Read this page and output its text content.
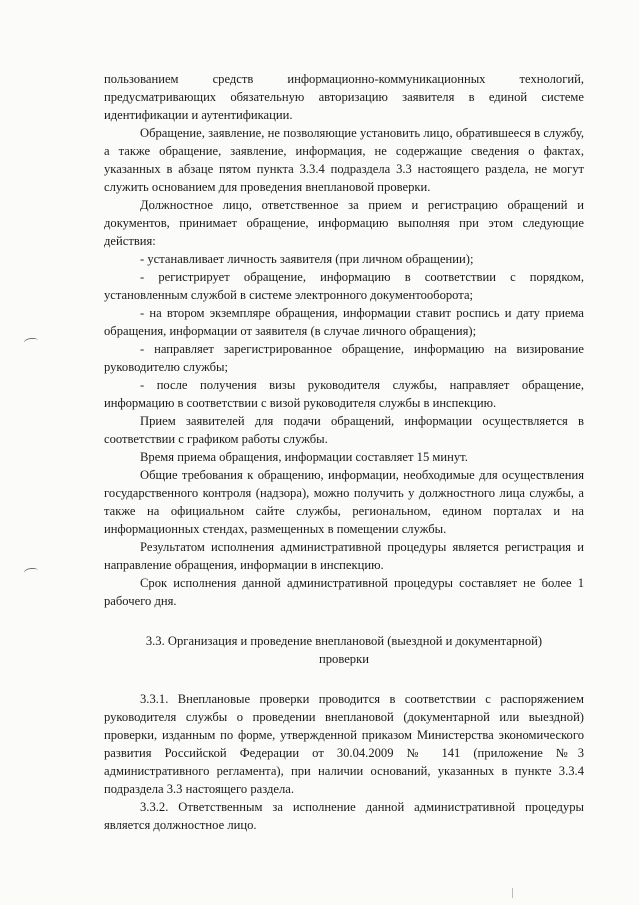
пользованием средств информационно-коммуникационных технологий, предусматривающих обязательную авторизацию заявителя в единой системе идентификации и аутентификации.

Обращение, заявление, не позволяющие установить лицо, обратившееся в службу, а также обращение, заявление, информация, не содержащие сведения о фактах, указанных в абзаце пятом пункта 3.3.4 подраздела 3.3 настоящего раздела, не могут служить основанием для проведения внеплановой проверки.

Должностное лицо, ответственное за прием и регистрацию обращений и документов, принимает обращение, информацию выполняя при этом следующие действия:

- устанавливает личность заявителя (при личном обращении);

- регистрирует обращение, информацию в соответствии с порядком, установленным службой в системе электронного документооборота;

- на втором экземпляре обращения, информации ставит роспись и дату приема обращения, информации от заявителя (в случае личного обращения);

- направляет зарегистрированное обращение, информацию на визирование руководителю службы;

- после получения визы руководителя службы, направляет обращение, информацию в соответствии с визой руководителя службы в инспекцию.

Прием заявителей для подачи обращений, информации осуществляется в соответствии с графиком работы службы.

Время приема обращения, информации составляет 15 минут.

Общие требования к обращению, информации, необходимые для осуществления государственного контроля (надзора), можно получить у должностного лица службы, а также на официальном сайте службы, региональном, едином порталах и на информационных стендах, размещенных в помещении службы.

Результатом исполнения административной процедуры является регистрация и направление обращения, информации в инспекцию.

Срок исполнения данной административной процедуры составляет не более 1 рабочего дня.

3.3. Организация и проведение внеплановой (выездной и документарной) проверки

3.3.1. Внеплановые проверки проводится в соответствии с распоряжением руководителя службы о проведении внеплановой (документарной или выездной) проверки, изданным по форме, утвержденной приказом Министерства экономического развития Российской Федерации от 30.04.2009 № 141 (приложение №3 административного регламента), при наличии оснований, указанных в пункте 3.3.4 подраздела 3.3 настоящего раздела.

3.3.2. Ответственным за исполнение данной административной процедуры является должностное лицо.
